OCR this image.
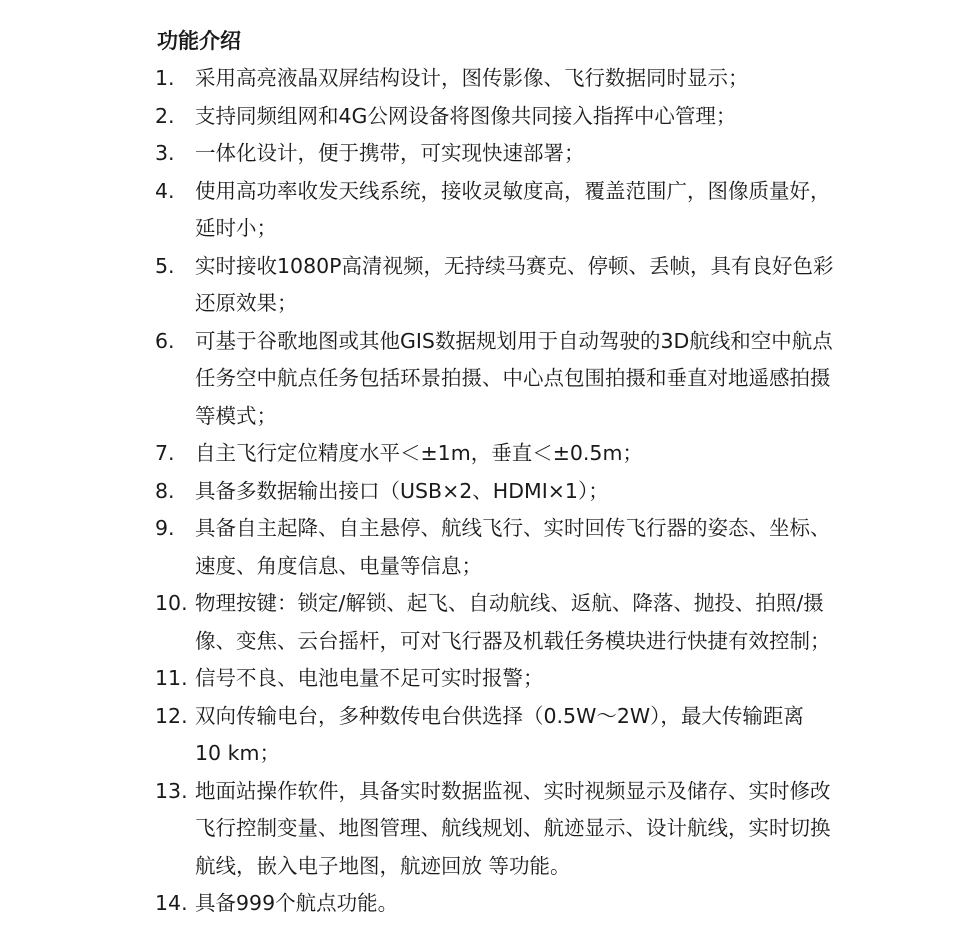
功能介绍
1. 采用高亮液晶双屏结构设计，图传影像、飞行数据同时显示；
2. 支持同频组网和4G公网设备将图像共同接入指挥中心管理；
3. 一体化设计，便于携带，可实现快速部署；
4. 使用高功率收发天线系统，接收灵敏度高，覆盖范围广，图像质量好，
延时小；
5. 实时接收1080P高清视频，无持续马赛克、停顿、丢帧，具有良好色彩
还原效果；
6. 可基于谷歌地图或其他GIS数据规划用于自动驾驶的3D航线和空中航点
任务空中航点任务包括环景拍摄、中心点包围拍摄和垂直对地遥感拍摄
等模式；
7. 自主飞行定位精度水平＜±1m，垂直＜±0.5m；
8. 具备多数据输出接口（USB×2、HDMI×1）；
9. 具备自主起降、自主悬停、航线飞行、实时回传飞行器的姿态、坐标、
速度、角度信息、电量等信息；
10. 物理按键：锁定/解锁、起飞、自动航线、返航、降落、抛投、拍照/摄
像、变焦、云台摇杆，可对飞行器及机载任务模块进行快捷有效控制；
11. 信号不良、电池电量不足可实时报警；
12. 双向传输电台，多种数传电台供选择（0.5W～2W），最大传输距离
10 km；
13. 地面站操作软件，具备实时数据监视、实时视频显示及储存、实时修改
飞行控制变量、地图管理、航线规划、航迹显示、设计航线，实时切换
航线，嵌入电子地图，航迹回放 等功能。
14. 具备999个航点功能。
